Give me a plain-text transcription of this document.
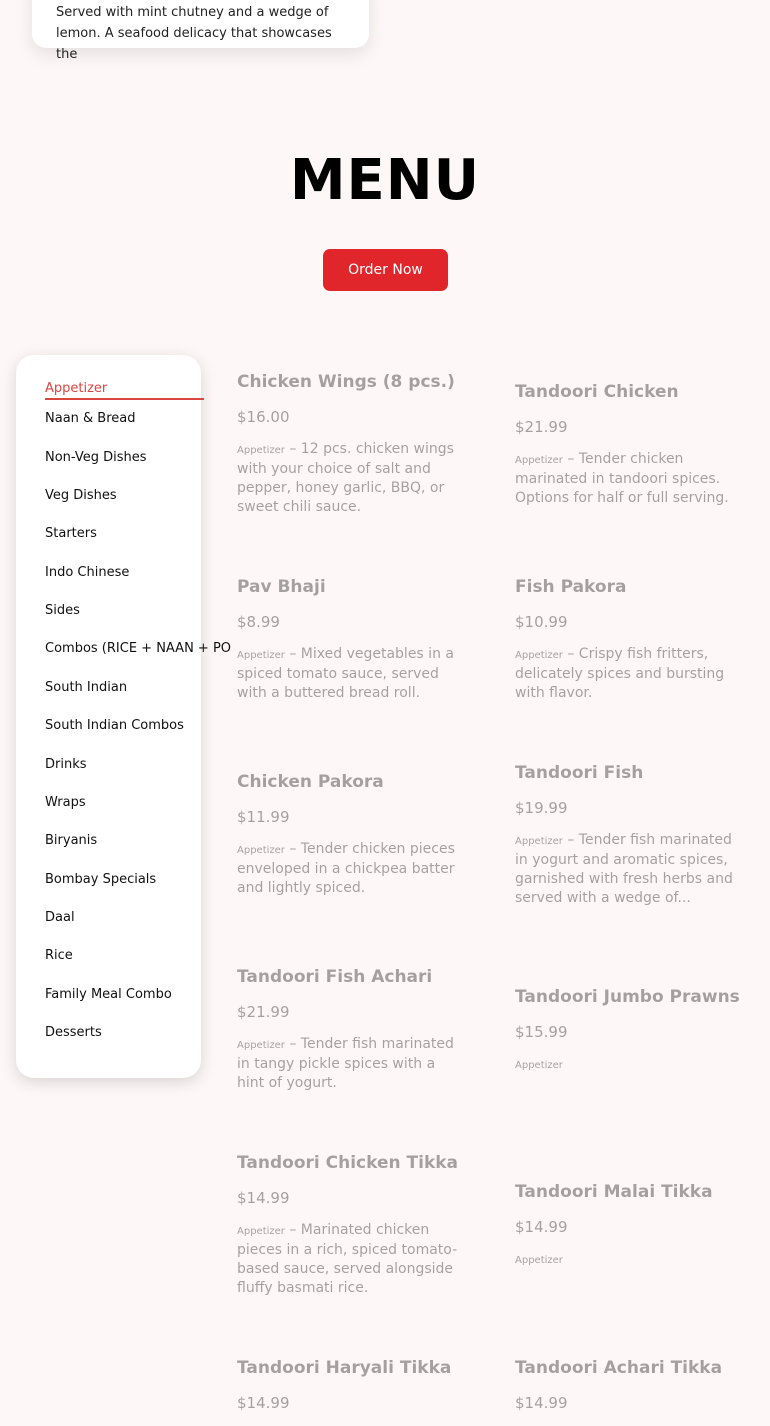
Served with mint chutney and a wedge of lemon. A seafood delicacy that showcases the

MENU
Order Now
Chicken Wings (8 pcs.)
$16.00
Appetizer – 12 pcs. chicken wings with your choice of salt and pepper, honey garlic, BBQ, or sweet chili sauce.
Tandoori Chicken
$21.99
Appetizer – Tender chicken marinated in tandoori spices. Options for half or full serving.
Pav Bhaji
$8.99
Appetizer – Mixed vegetables in a spiced tomato sauce, served with a buttered bread roll.
Fish Pakora
$10.99
Appetizer – Crispy fish fritters, delicately spices and bursting with flavor.
Chicken Pakora
$11.99
Appetizer – Tender chicken pieces enveloped in a chickpea batter and lightly spiced.
Tandoori Fish
$19.99
Appetizer – Tender fish marinated in yogurt and aromatic spices, garnished with fresh herbs and served with a wedge of...
Tandoori Fish Achari
$21.99
Appetizer – Tender fish marinated in tangy pickle spices with a hint of yogurt.
Tandoori Jumbo Prawns
$15.99
Appetizer
Tandoori Chicken Tikka
$14.99
Appetizer – Marinated chicken pieces in a rich, spiced tomato-based sauce, served alongside fluffy basmati rice.
Tandoori Malai Tikka
$14.99
Appetizer
Tandoori Haryali Tikka
$14.99
Tandoori Achari Tikka
$14.99
Appetizer
Naan & Bread
Non-Veg Dishes
Veg Dishes
Starters
Indo Chinese
Sides
Combos (RICE + NAAN + PO
South Indian
South Indian Combos
Drinks
Wraps
Biryanis
Bombay Specials
Daal
Rice
Family Meal Combo
Desserts
